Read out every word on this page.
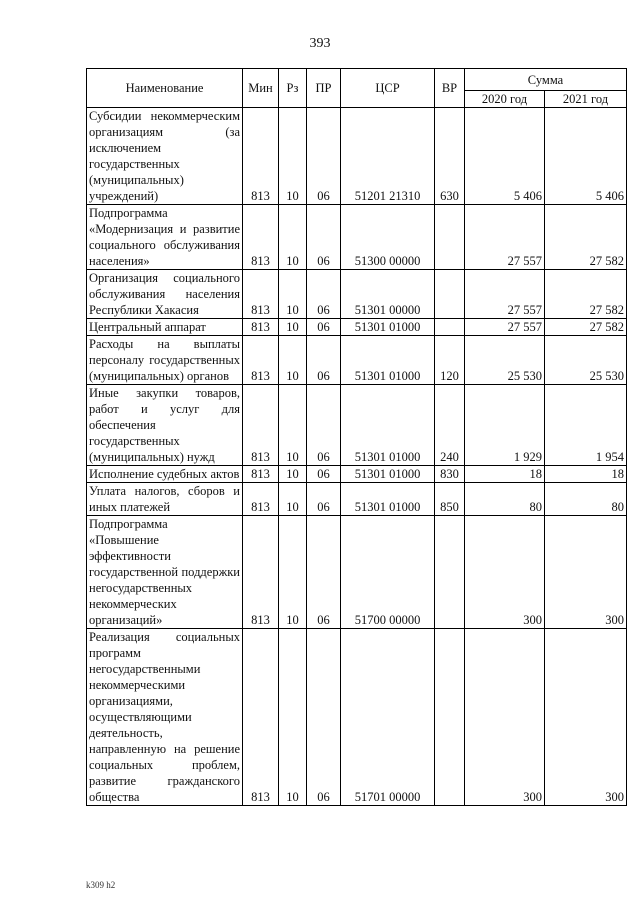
393
Наименование	Мин	Рз	ПР	ЦСР	ВР	Сумма	
						2020 год	2021 год
Субсидии некоммерческим организациям (за исключением государственных (муниципальных) учреждений)	813	10	06	51201 21310	630	5 406	5 406
Подпрограмма «Модернизация и развитие социального обслуживания населения»	813	10	06	51300 00000		27 557	27 582
Организация социального обслуживания населения Республики Хакасия	813	10	06	51301 00000		27 557	27 582
Центральный аппарат	813	10	06	51301 01000		27 557	27 582
Расходы на выплаты персоналу государственных (муниципальных) органов	813	10	06	51301 01000	120	25 530	25 530
Иные закупки товаров, работ и услуг для обеспечения государственных (муниципальных) нужд	813	10	06	51301 01000	240	1 929	1 954
Исполнение судебных актов	813	10	06	51301 01000	830	18	18
Уплата налогов, сборов и иных платежей	813	10	06	51301 01000	850	80	80
Подпрограмма «Повышение эффективности государственной поддержки негосударственных некоммерческих организаций»	813	10	06	51700 00000		300	300
Реализация социальных программ негосударственными некоммерческими организациями, осуществляющими деятельность, направленную на решение социальных проблем, развитие гражданского общества	813	10	06	51701 00000		300	300
k309 h2
